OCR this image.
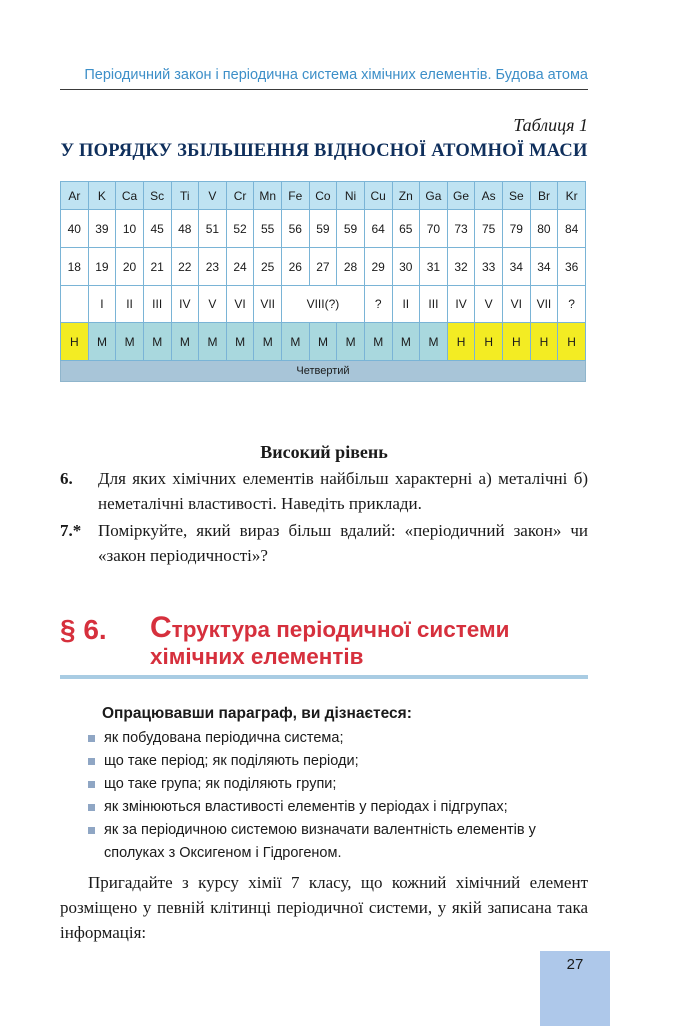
Періодичний закон і періодична система хімічних елементів. Будова атома
Таблиця 1
У ПОРЯДКУ ЗБІЛЬШЕННЯ ВІДНОСНОЇ АТОМНОЇ МАСИ
Ar	K	Ca	Sc	Ti	V	Cr	Mn	Fe	Co	Ni	Cu	Zn	Ga	Ge	As	Se	Br	Kr
40	39	10	45	48	51	52	55	56	59	59	64	65	70	73	75	79	80	84
18	19	20	21	22	23	24	25	26	27	28	29	30	31	32	33	34	34	36
	I	II	III	IV	V	VI	VII	VIII(?)			?	II	III	IV	V	VI	VII	?
Н	М	М	М	М	М	М	М	М	М	М	М	М	М	Н	Н	Н	Н	Н
Четвертий																		
Високий рівень
6. Для яких хімічних елементів найбільш характерні а) металічні б) неметалічні властивості. Наведіть приклади.
7.* Поміркуйте, який вираз більш вдалий: «періодичний закон» чи «закон періодичності»?
§ 6. Структура періодичної системи хімічних елементів
Опрацювавши параграф, ви дізнаєтеся:
як побудована періодична система;
що таке період; як поділяють періоди;
що таке група; як поділяють групи;
як змінюються властивості елементів у періодах і підгрупах;
як за періодичною системою визначати валентність елементів у сполуках з Оксигеном і Гідрогеном.

Пригадайте з курсу хімії 7 класу, що кожний хімічний елемент розміщено у певній клітинці періодичної системи, у якій записана така інформація:

27
